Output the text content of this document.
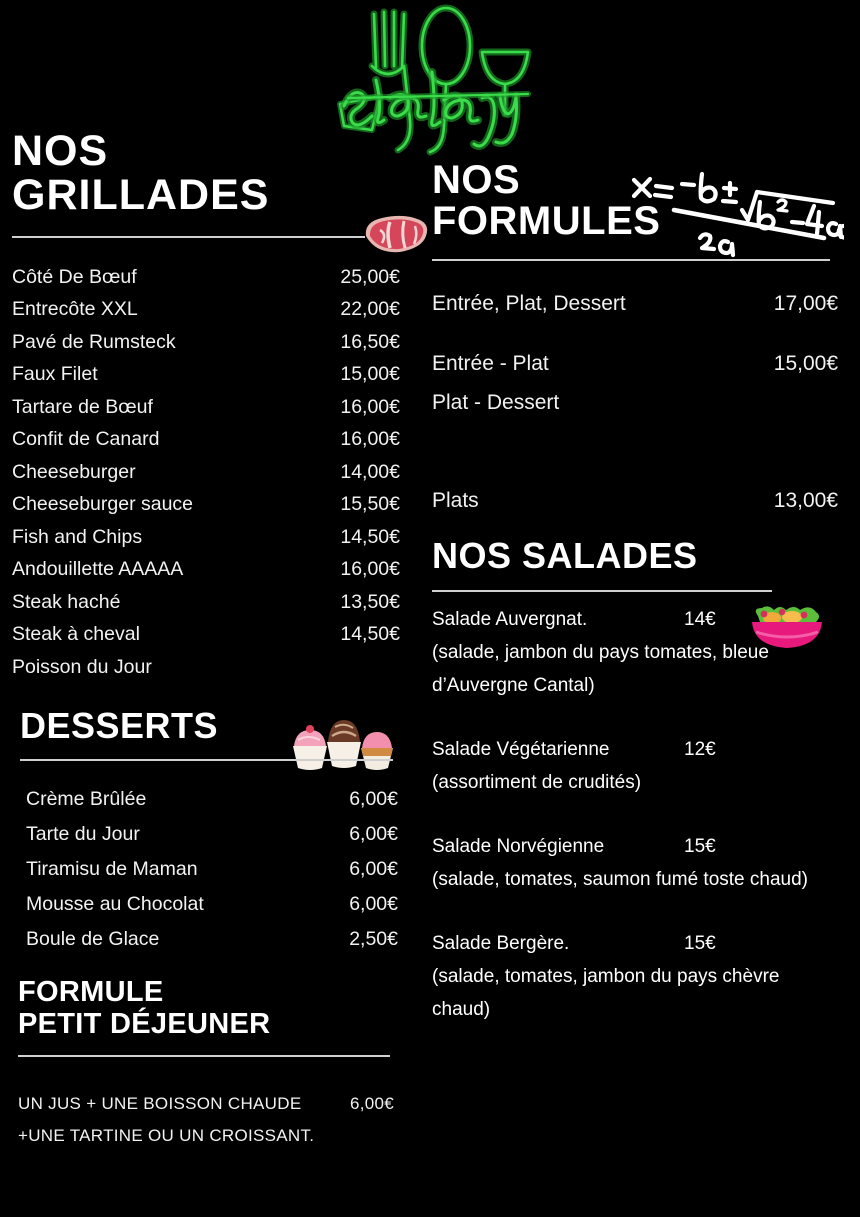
NOS
GRILLADES
Côté De Bœuf	25,00€
Entrecôte XXL	22,00€
Pavé de Rumsteck	16,50€
Faux Filet	15,00€
Tartare de Bœuf	16,00€
Confit de Canard	16,00€
Cheeseburger	14,00€
Cheeseburger sauce	15,50€
Fish and Chips	14,50€
Andouillette AAAAA	16,00€
Steak haché	13,50€
Steak à cheval	14,50€
Poisson du Jour
DESSERTS
Crème Brûlée	6,00€
Tarte du Jour	6,00€
Tiramisu de Maman	6,00€
Mousse au Chocolat	6,00€
Boule de Glace	2,50€
FORMULE
PETIT DÉJEUNER
UN JUS + UNE BOISSON CHAUDE +UNE TARTINE OU UN CROISSANT.
6,00€
NOS
FORMULES
Entrée, Plat, Dessert	17,00€
Entrée - Plat	15,00€
Plat - Dessert
Plats	13,00€
NOS SALADES
Salade Auvergnat.	14€
(salade, jambon du pays tomates, bleue d’Auvergne Cantal)
Salade Végétarienne	12€
(assortiment de crudités)
Salade Norvégienne	15€
(salade, tomates, saumon fumé toste chaud)
Salade Bergère.	15€
(salade, tomates, jambon du pays chèvre chaud)
